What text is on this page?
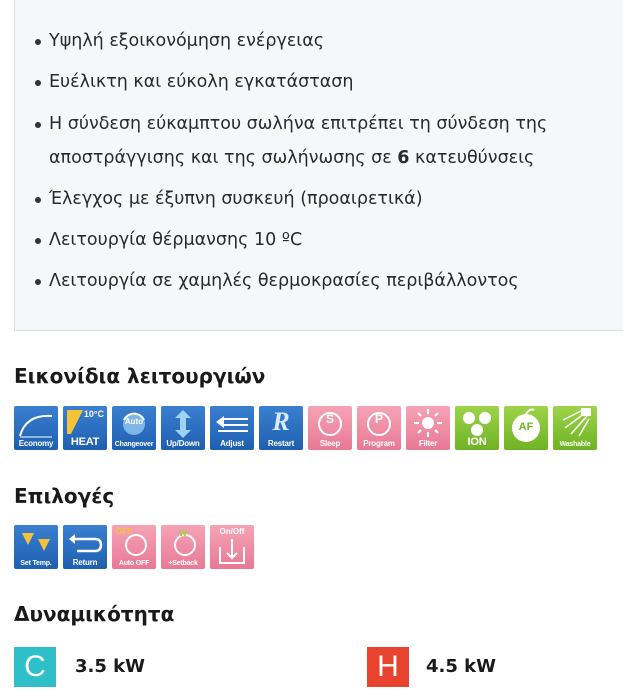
Υψηλή εξοικονόμηση ενέργειας
Ευέλικτη και εύκολη εγκατάσταση
Η σύνδεση εύκαμπτου σωλήνα επιτρέπει τη σύνδεση της
αποστράγγισης και της σωλήνωσης σε 6 κατευθύνσεις
Έλεγχος με έξυπνη συσκευή (προαιρετικά)
Λειτουργία θέρμανσης 10 ºC
Λειτουργία σε χαμηλές θερμοκρασίες περιβάλλοντος
Εικονίδια λειτουργιών
Economy
10°C
HEAT
Auto
Changeover	Up/Down	Adjust
R
Restart
S
Sleep
P
Program	Filter	ION
AF
Washable
Επιλογές
Set Temp.	Return
OFF
Auto OFF
W
+Setback
On/Off
Δυναμικότητα
C	3.5 kW	H	4.5 kW
